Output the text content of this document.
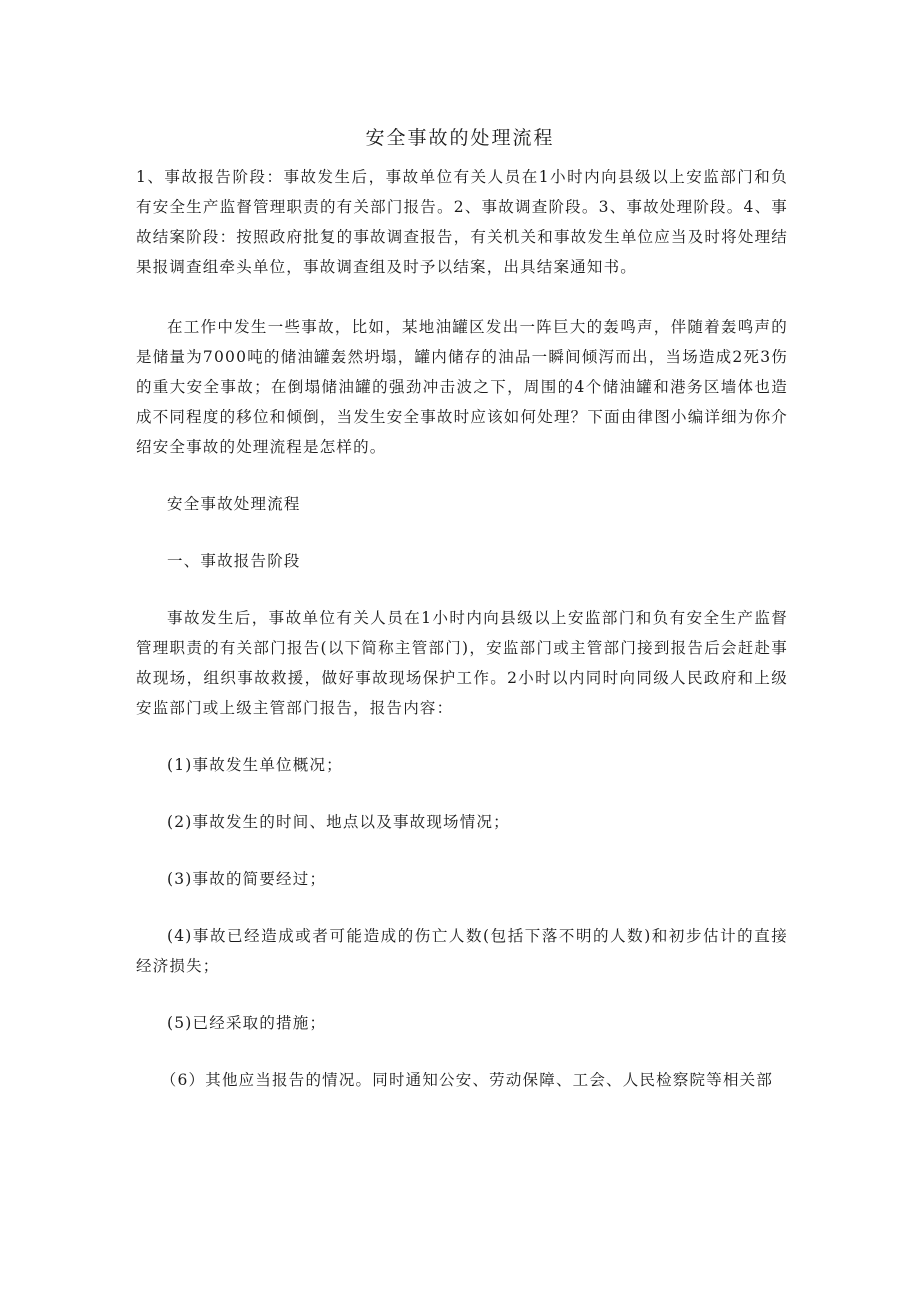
安全事故的处理流程

1、事故报告阶段：事故发生后，事故单位有关人员在1小时内向县级以上安监部门和负有安全生产监督管理职责的有关部门报告。2、事故调查阶段。3、事故处理阶段。4、事故结案阶段：按照政府批复的事故调查报告，有关机关和事故发生单位应当及时将处理结果报调查组牵头单位，事故调查组及时予以结案，出具结案通知书。

在工作中发生一些事故，比如，某地油罐区发出一阵巨大的轰鸣声，伴随着轰鸣声的是储量为7000吨的储油罐轰然坍塌，罐内储存的油品一瞬间倾泻而出，当场造成2死3伤的重大安全事故；在倒塌储油罐的强劲冲击波之下，周围的4个储油罐和港务区墙体也造成不同程度的移位和倾倒，当发生安全事故时应该如何处理？下面由律图小编详细为你介绍安全事故的处理流程是怎样的。

安全事故处理流程

一、事故报告阶段

事故发生后，事故单位有关人员在1小时内向县级以上安监部门和负有安全生产监督管理职责的有关部门报告(以下简称主管部门)，安监部门或主管部门接到报告后会赶赴事故现场，组织事故救援，做好事故现场保护工作。2小时以内同时向同级人民政府和上级安监部门或上级主管部门报告，报告内容：

(1)事故发生单位概况；

(2)事故发生的时间、地点以及事故现场情况；

(3)事故的简要经过；

(4)事故已经造成或者可能造成的伤亡人数(包括下落不明的人数)和初步估计的直接经济损失；

(5)已经采取的措施；

（6）其他应当报告的情况。同时通知公安、劳动保障、工会、人民检察院等相关部
